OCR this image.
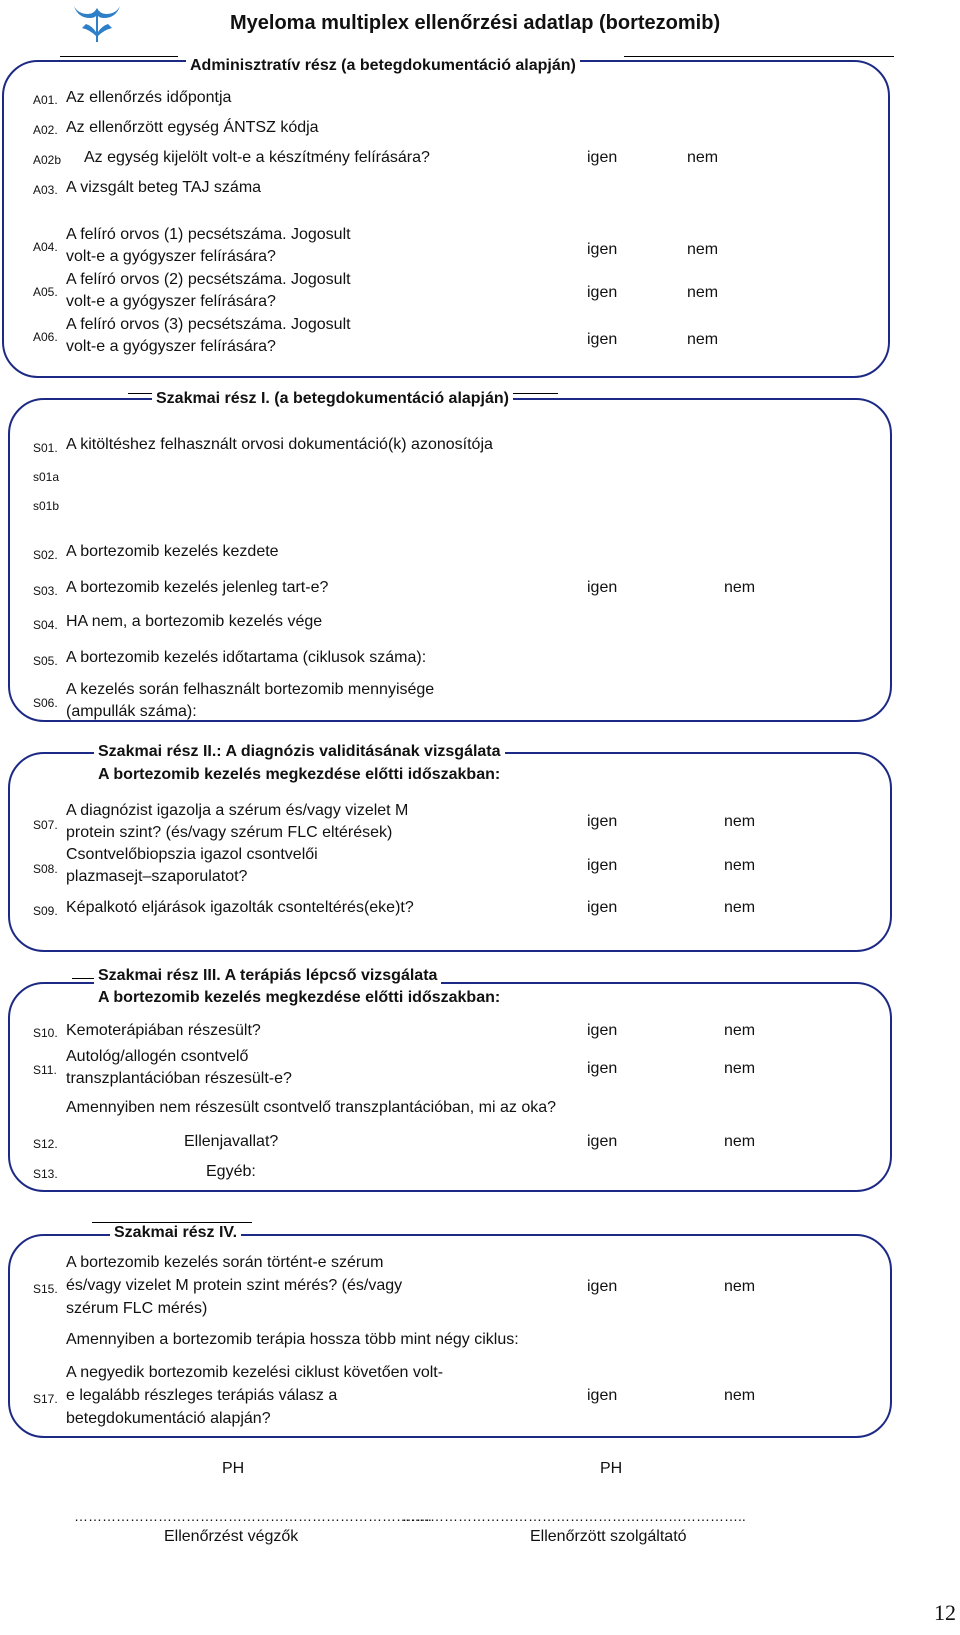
Myeloma multiplex ellenőrzési adatlap (bortezomib)
Adminisztratív rész (a betegdokumentáció alapján)
A01. Az ellenőrzés időpontja
A02. Az ellenőrzött egység ÁNTSZ kódja
A02b Az egység kijelölt volt-e a készítmény felírására?	igen	nem
A03. A vizsgált beteg TAJ száma
A04.
A felíró orvos (1) pecsétszáma. Jogosult
volt-e a gyógyszer felírására?	igen	nem
A05.
A felíró orvos (2) pecsétszáma. Jogosult
volt-e a gyógyszer felírására?
igen	nem
A06.
A felíró orvos (3) pecsétszáma. Jogosult
volt-e a gyógyszer felírására?	igen	nem
Szakmai rész I. (a betegdokumentáció alapján)
S01. A kitöltéshez felhasznált orvosi dokumentáció(k) azonosítója
s01a
s01b
S02. A bortezomib kezelés kezdete
S03. A bortezomib kezelés jelenleg tart-e?	igen	nem
S04. HA nem, a bortezomib kezelés vége
S05. A bortezomib kezelés időtartama (ciklusok száma):
S06.
A kezelés során felhasznált bortezomib mennyisége
(ampullák száma):
Szakmai rész II.: A diagnózis validitásának vizsgálata
A bortezomib kezelés megkezdése előtti időszakban:
S07.
A diagnózist igazolja a szérum és/vagy vizelet M
protein szint? (és/vagy szérum FLC eltérések)
igen	nem
S08.
Csontvelőbiopszia igazol csontvelői
plazmasejt–szaporulatot?
igen	nem
S09. Képalkotó eljárások igazolták csonteltérés(eke)t?	igen	nem
Szakmai rész III. A terápiás lépcső vizsgálata
A bortezomib kezelés megkezdése előtti időszakban:
S10. Kemoterápiában részesült?	igen	nem
S11.
Autológ/allogén csontvelő
transzplantációban részesült-e?
igen	nem
Amennyiben nem részesült csontvelő transzplantációban, mi az oka?
S12.	Ellenjavallat?	igen	nem
S13.	Egyéb:
Szakmai rész IV.
S15.
A bortezomib kezelés során történt-e szérum
és/vagy vizelet M protein szint mérés? (és/vagy
szérum FLC mérés)
igen	nem
Amennyiben a bortezomib terápia hossza több mint négy ciklus:
S17.
A negyedik bortezomib kezelési ciklust követően volt-
e legalább részleges terápiás válasz a
betegdokumentáció alapján?
igen	nem
PH	PH
…………………………………………………………………..
………………………………………………………………..
Ellenőrzést végzők	Ellenőrzött szolgáltató
12
